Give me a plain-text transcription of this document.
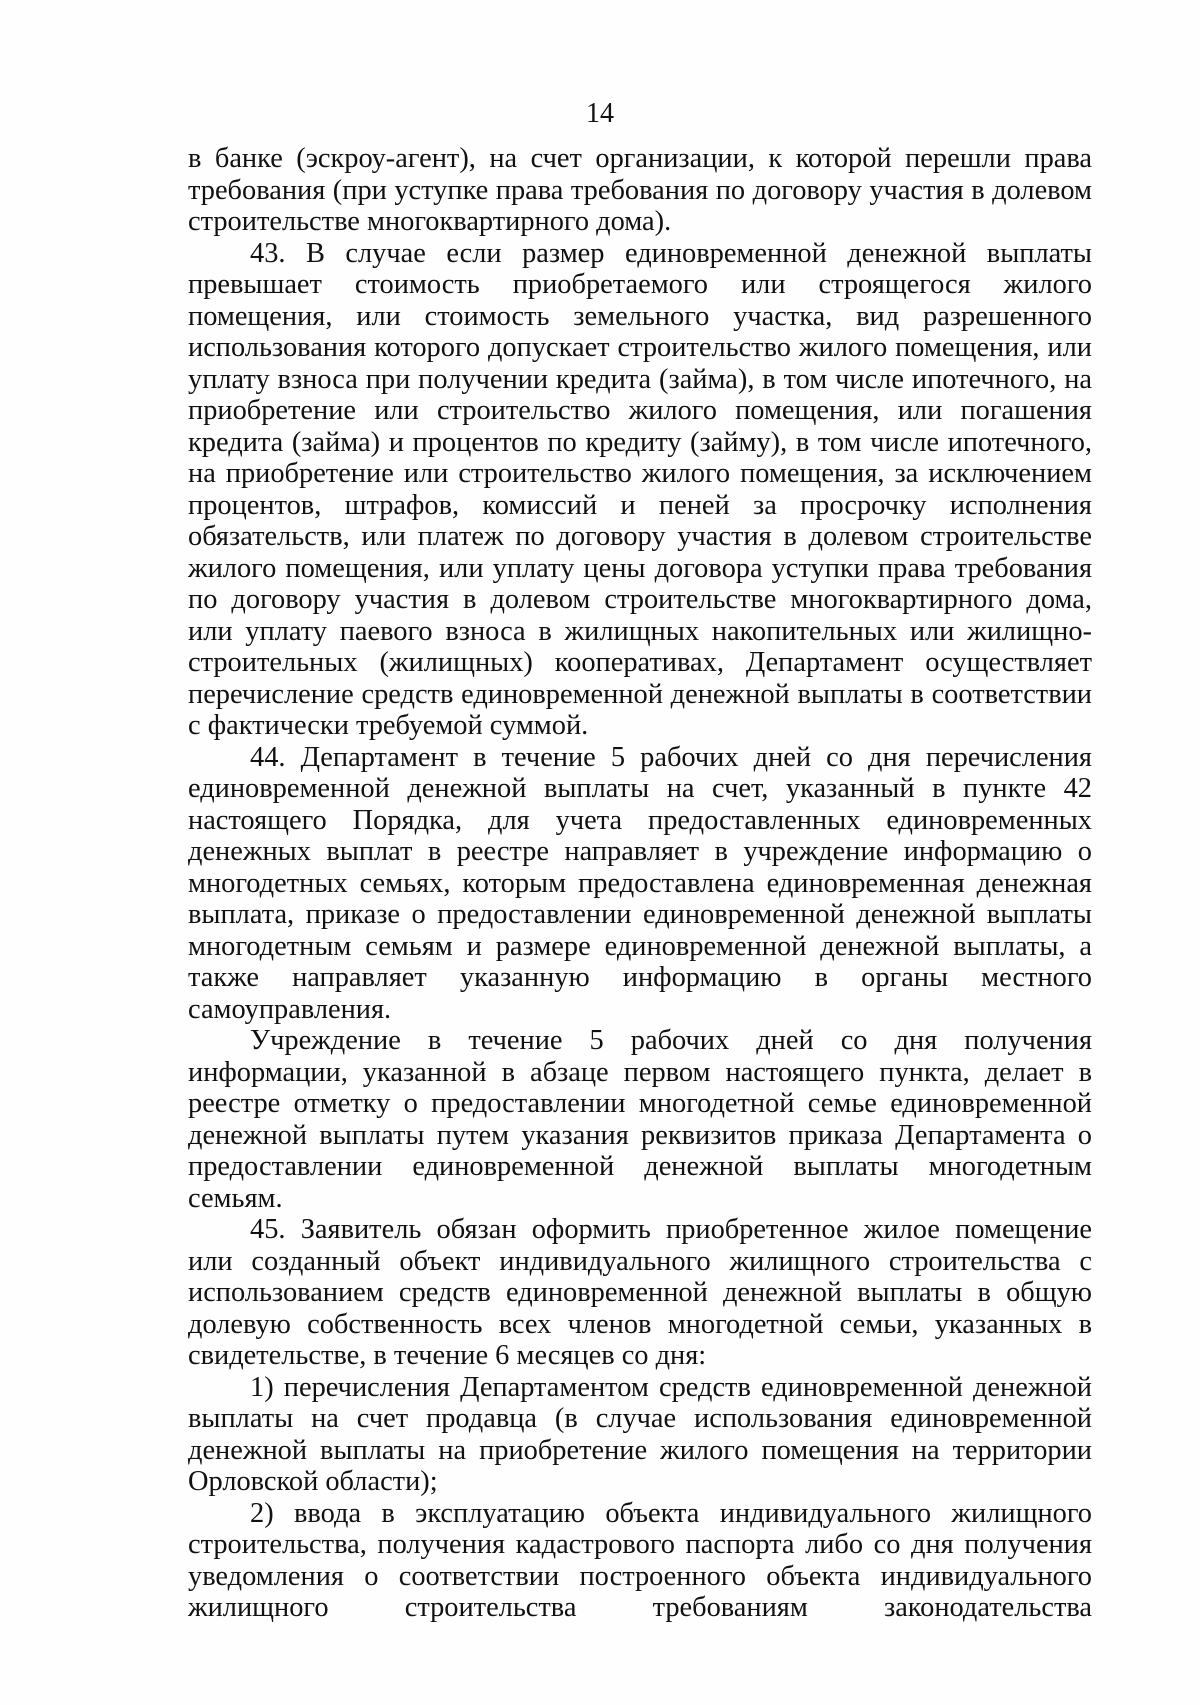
14

в банке (эскроу-агент), на счет организации, к которой перешли права требования (при уступке права требования по договору участия в долевом строительстве многоквартирного дома).

43. В случае если размер единовременной денежной выплаты превышает стоимость приобретаемого или строящегося жилого помещения, или стоимость земельного участка, вид разрешенного использования которого допускает строительство жилого помещения, или уплату взноса при получении кредита (займа), в том числе ипотечного, на приобретение или строительство жилого помещения, или погашения кредита (займа) и процентов по кредиту (займу), в том числе ипотечного, на приобретение или строительство жилого помещения, за исключением процентов, штрафов, комиссий и пеней за просрочку исполнения обязательств, или платеж по договору участия в долевом строительстве жилого помещения, или уплату цены договора уступки права требования по договору участия в долевом строительстве многоквартирного дома, или уплату паевого взноса в жилищных накопительных или жилищно-строительных (жилищных) кооперативах, Департамент осуществляет перечисление средств единовременной денежной выплаты в соответствии с фактически требуемой суммой.

44. Департамент в течение 5 рабочих дней со дня перечисления единовременной денежной выплаты на счет, указанный в пункте 42 настоящего Порядка, для учета предоставленных единовременных денежных выплат в реестре направляет в учреждение информацию о многодетных семьях, которым предоставлена единовременная денежная выплата, приказе о предоставлении единовременной денежной выплаты многодетным семьям и размере единовременной денежной выплаты, а также направляет указанную информацию в органы местного самоуправления.

Учреждение в течение 5 рабочих дней со дня получения информации, указанной в абзаце первом настоящего пункта, делает в реестре отметку о предоставлении многодетной семье единовременной денежной выплаты путем указания реквизитов приказа Департамента о предоставлении единовременной денежной выплаты многодетным семьям.

45. Заявитель обязан оформить приобретенное жилое помещение или созданный объект индивидуального жилищного строительства с использованием средств единовременной денежной выплаты в общую долевую собственность всех членов многодетной семьи, указанных в свидетельстве, в течение 6 месяцев со дня:

1) перечисления Департаментом средств единовременной денежной выплаты на счет продавца (в случае использования единовременной денежной выплаты на приобретение жилого помещения на территории Орловской области);

2) ввода в эксплуатацию объекта индивидуального жилищного строительства, получения кадастрового паспорта либо со дня получения уведомления о соответствии построенного объекта индивидуального жилищного строительства требованиям законодательства
